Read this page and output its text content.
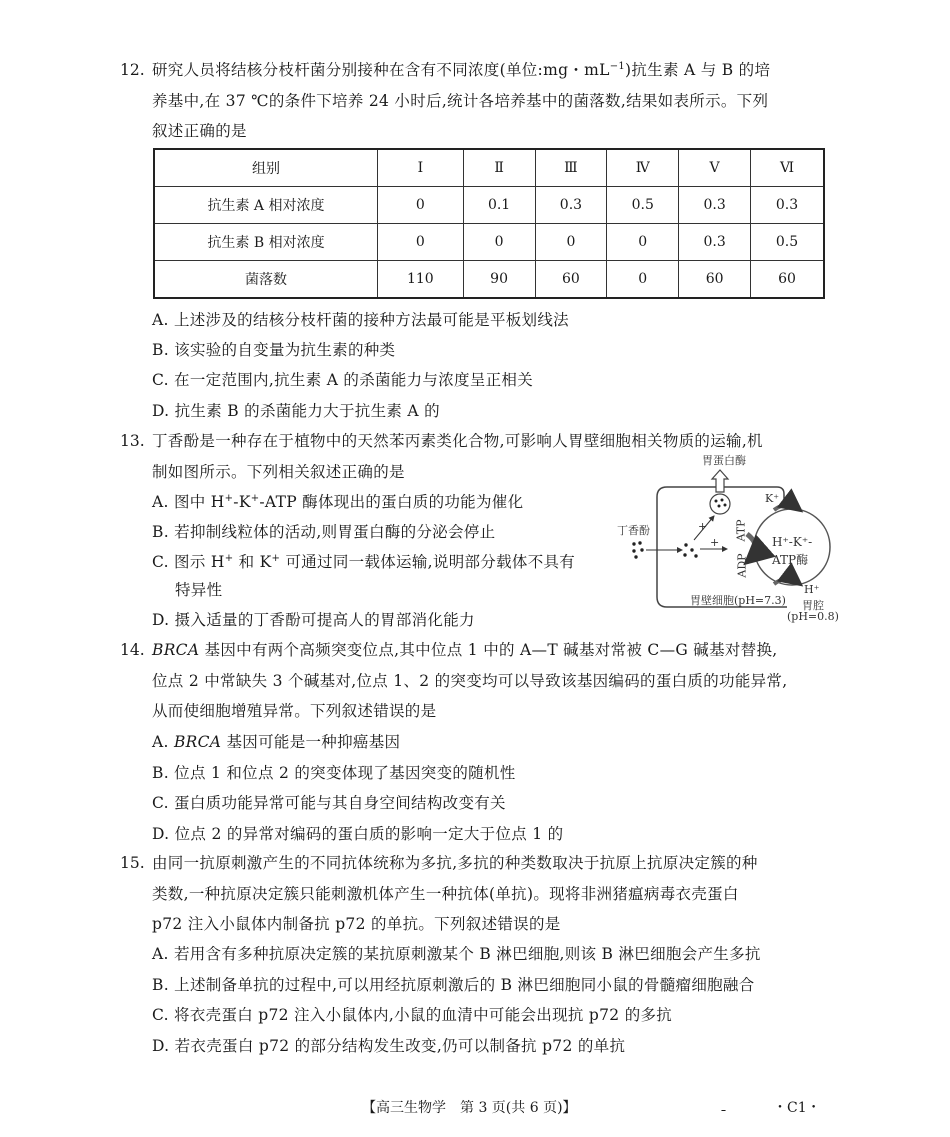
12. 研究人员将结核分枝杆菌分别接种在含有不同浓度(单位:mg・$mL^{-1}$)抗生素 A 与 B 的培
养基中,在 37 ℃的条件下培养 24 小时后,统计各培养基中的菌落数,结果如表所示。下列
叙述正确的是
组别	Ⅰ	Ⅱ	Ⅲ	Ⅳ	Ⅴ	Ⅵ
抗生素 A 相对浓度	0	0.1	0.3	0.5	0.3	0.3
抗生素 B 相对浓度	0	0	0	0	0.3	0.5
菌落数	110	90	60	0	60	60
A. 上述涉及的结核分枝杆菌的接种方法最可能是平板划线法
B. 该实验的自变量为抗生素的种类
C. 在一定范围内,抗生素 A 的杀菌能力与浓度呈正相关
D. 抗生素 B 的杀菌能力大于抗生素 A 的
13. 丁香酚是一种存在于植物中的天然苯丙素类化合物,可影响人胃壁细胞相关物质的运输,机
制如图所示。下列相关叙述正确的是
A. 图中 H+-K+-ATP 酶体现出的蛋白质的功能为催化
B. 若抑制线粒体的活动,则胃蛋白酶的分泌会停止
C. 图示 H+ 和 K+ 可通过同一载体运输,说明部分载体不具有
特异性
D. 摄入适量的丁香酚可提高人的胃部消化能力
胃蛋白酶
丁香酚	+
+
ATP
ADP
H⁺-K⁺-
ATP酶
K⁺
H⁺
胃壁细胞(pH=7.3) 胃腔
(pH=0.8)
14. BRCA 基因中有两个高频突变位点,其中位点 1 中的 A—T 碱基对常被 C—G 碱基对替换,
位点 2 中常缺失 3 个碱基对,位点 1、2 的突变均可以导致该基因编码的蛋白质的功能异常,
从而使细胞增殖异常。下列叙述错误的是
A. BRCA 基因可能是一种抑癌基因
B. 位点 1 和位点 2 的突变体现了基因突变的随机性
C. 蛋白质功能异常可能与其自身空间结构改变有关
D. 位点 2 的异常对编码的蛋白质的影响一定大于位点 1 的
15. 由同一抗原刺激产生的不同抗体统称为多抗,多抗的种类数取决于抗原上抗原决定簇的种
类数,一种抗原决定簇只能刺激机体产生一种抗体(单抗)。现将非洲猪瘟病毒衣壳蛋白
p72 注入小鼠体内制备抗 p72 的单抗。下列叙述错误的是
A. 若用含有多种抗原决定簇的某抗原刺激某个 B 淋巴细胞,则该 B 淋巴细胞会产生多抗
B. 上述制备单抗的过程中,可以用经抗原刺激后的 B 淋巴细胞同小鼠的骨髓瘤细胞融合
C. 将衣壳蛋白 p72 注入小鼠体内,小鼠的血清中可能会出现抗 p72 的多抗
D. 若衣壳蛋白 p72 的部分结构发生改变,仍可以制备抗 p72 的单抗
【高三生物学　第 3 页(共 6 页)】	ˍ	・C1・
